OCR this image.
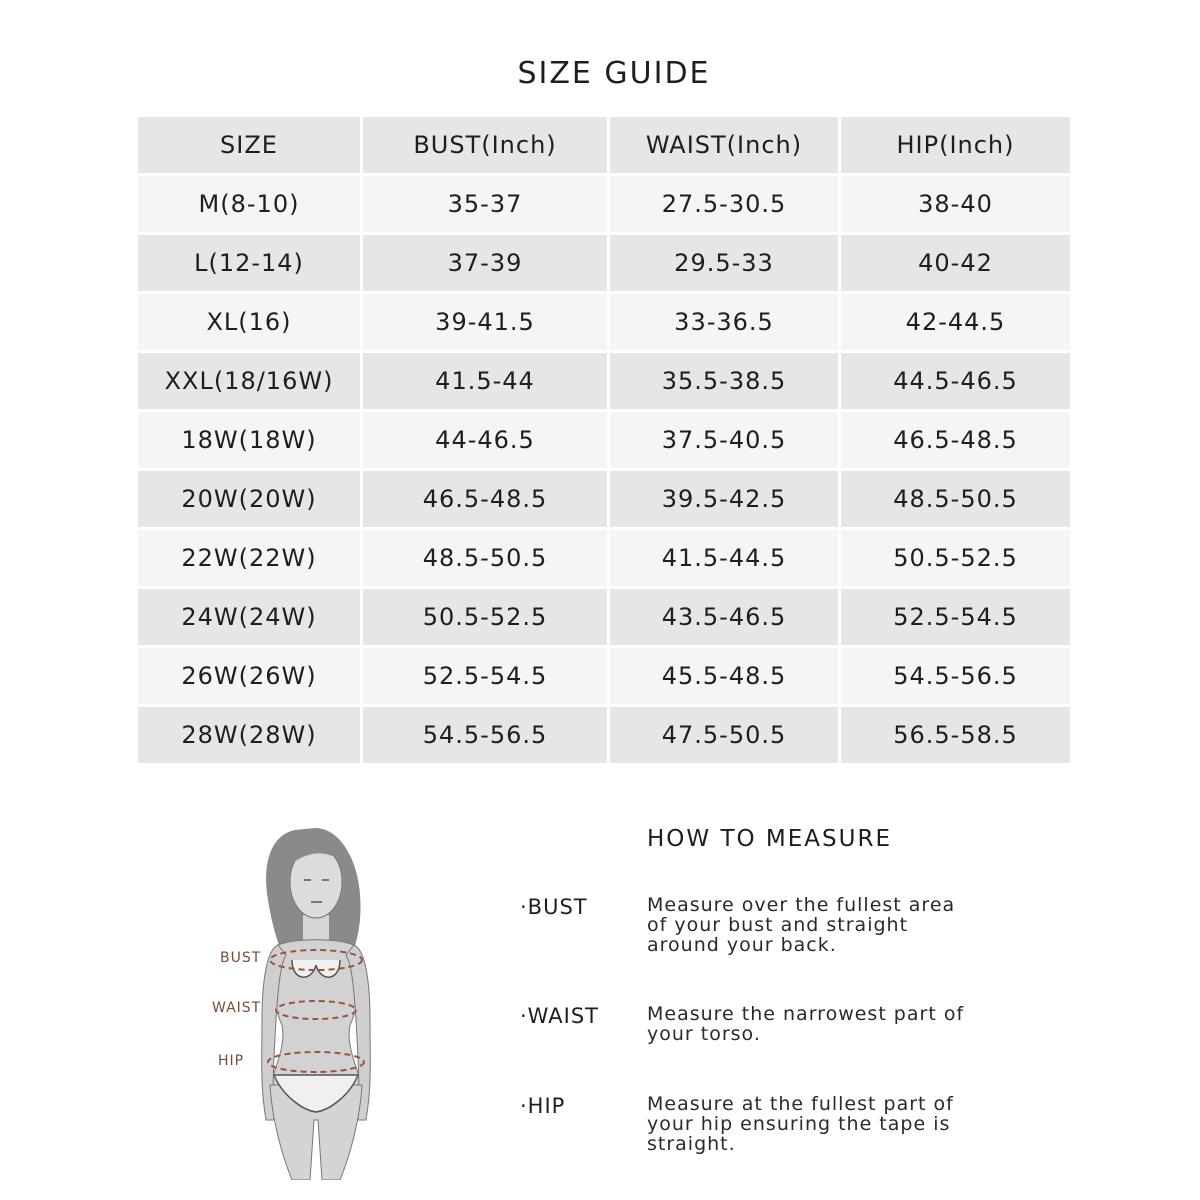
SIZE GUIDE
SIZE	BUST(Inch)	WAIST(Inch)	HIP(Inch)
M(8-10)	35-37	27.5-30.5	38-40
L(12-14)	37-39	29.5-33	40-42
XL(16)	39-41.5	33-36.5	42-44.5
XXL(18/16W)	41.5-44	35.5-38.5	44.5-46.5
18W(18W)	44-46.5	37.5-40.5	46.5-48.5
20W(20W)	46.5-48.5	39.5-42.5	48.5-50.5
22W(22W)	48.5-50.5	41.5-44.5	50.5-52.5
24W(24W)	50.5-52.5	43.5-46.5	52.5-54.5
26W(26W)	52.5-54.5	45.5-48.5	54.5-56.5
28W(28W)	54.5-56.5	47.5-50.5	56.5-58.5
BUST
WAIST
HIP
HOW TO MEASURE
·BUST	Measure over the fullest area of your bust and straight around your back.
·WAIST	Measure the narrowest part of your torso.
·HIP	Measure at the fullest part of your hip ensuring the tape is straight.
